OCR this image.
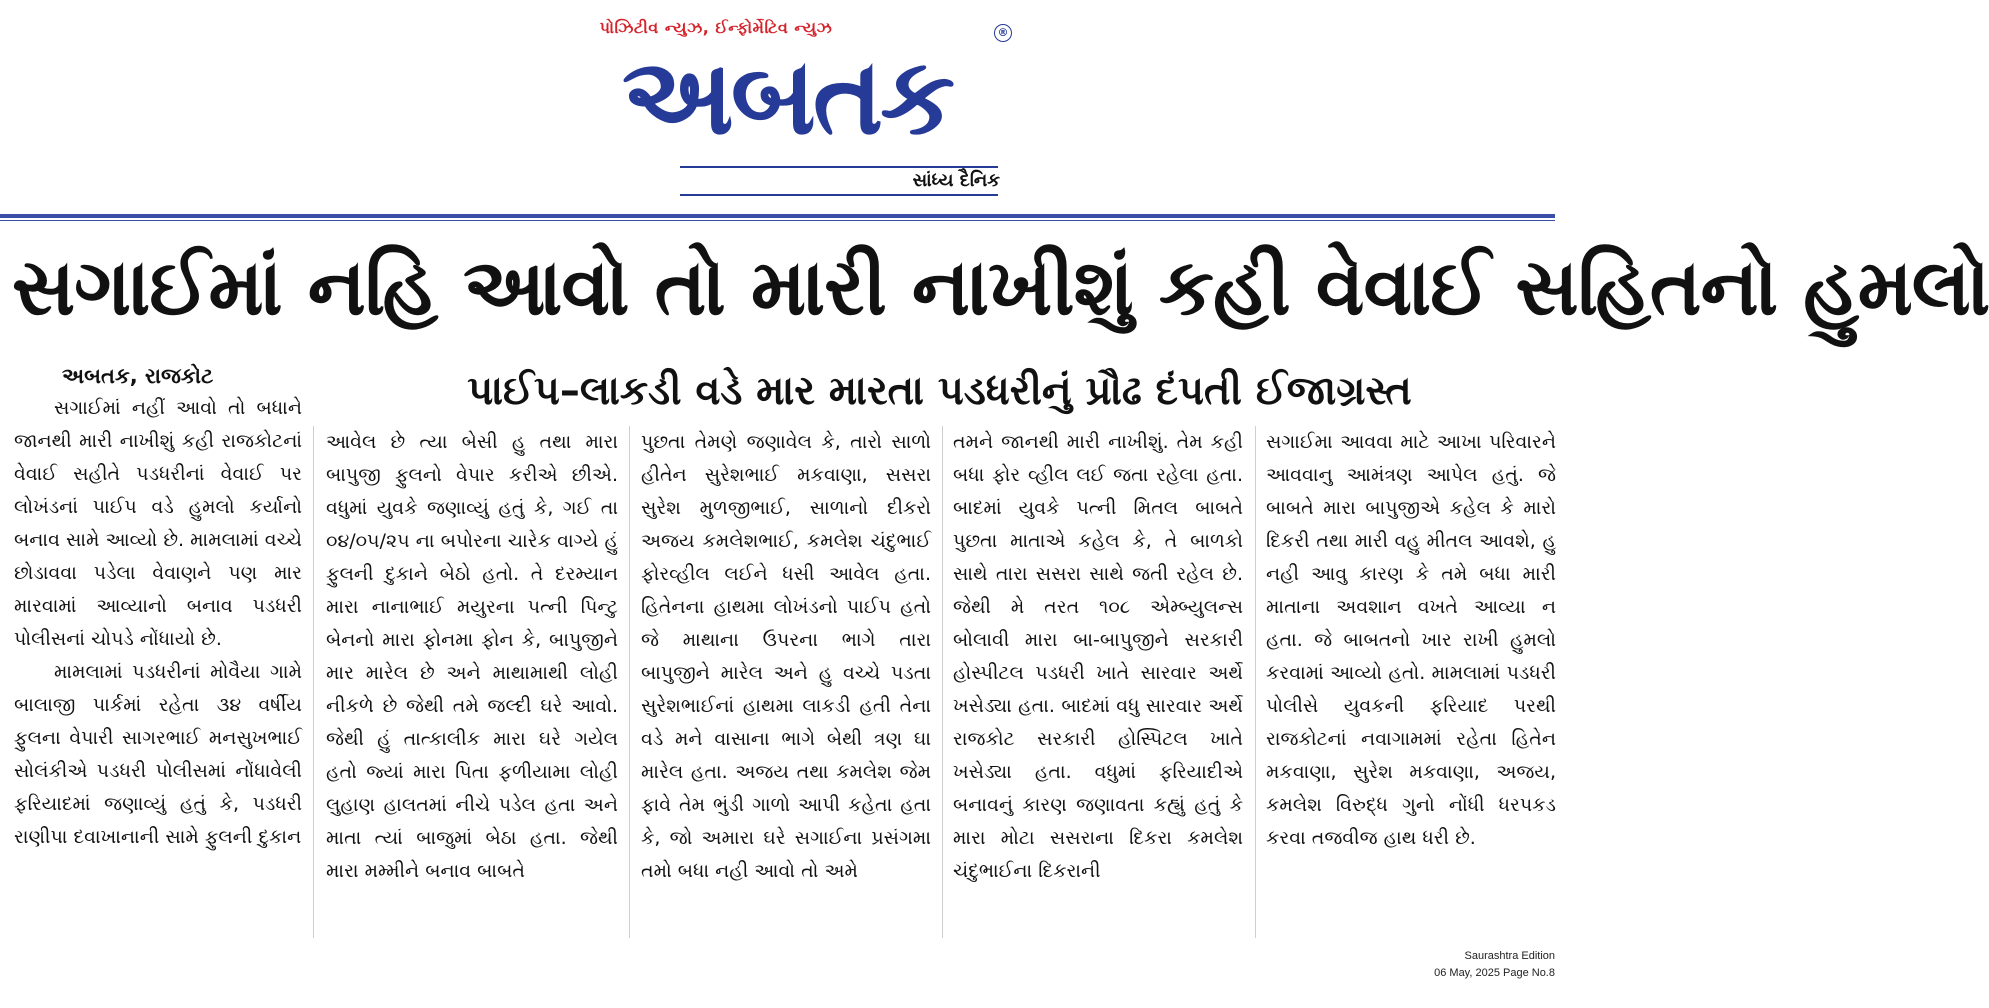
પોઝિટીવ ન્યુઝ, ઈન્ફોર્મેટિવ ન્યુઝ
અબતક
®
સાંધ્ય દૈનિક
સગાઈમાં નહિ આવો તો મારી નાખીશું કહી વેવાઈ સહિતનો હુમલો
અબતક, રાજકોટ	પાઈપ–લાકડી વડે માર મારતા પડધરીનું પ્રૌઢ દંપતી ઈજાગ્રસ્ત

સગાઈમાં નહીં આવો તો બધાને જાનથી મારી નાખીશું કહી રાજકોટનાં વેવાઈ સહીતે પડધરીનાં વેવાઈ પર લોખંડનાં પાઈપ વડે હુમલો કર્યાનો બનાવ સામે આવ્યો છે. મામલામાં વચ્ચે છોડાવવા પડેલા વેવાણને પણ માર મારવામાં આવ્યાનો બનાવ પડધરી પોલીસનાં ચોપડે નોંધાયો છે.

મામલામાં પડધરીનાં મોવૈયા ગામે બાલાજી પાર્કમાં રહેતા ૩૪ વર્ષીય ફુલના વેપારી સાગરભાઈ મનસુખભાઈ સોલંકીએ પડધરી પોલીસમાં નોંધાવેલી ફરિયાદમાં જણાવ્યું હતું કે, પડધરી રાણીપા દવાખાનાની સામે ફુલની દુકાન

આવેલ છે ત્યા બેસી હુ તથા મારા બાપુજી ફુલનો વેપાર કરીએ છીએ. વધુમાં યુવકે જણાવ્યું હતું કે, ગઈ તા ૦૪/૦૫/૨૫ ના બપોરના ચારેક વાગ્યે હું ફુલની દુકાને બેઠો હતો. તે દરમ્યાન મારા નાનાભાઈ મયુરના પત્ની પિન્ટુ બેનનો મારા ફોનમા ફોન કે, બાપુજીને માર મારેલ છે અને માથામાથી લોહી નીકળે છે જેથી તમે જલ્દી ઘરે આવો. જેથી હું તાત્કાલીક મારા ઘરે ગયેલ હતો જ્યાં મારા પિતા ફળીયામા લોહી લુહાણ હાલતમાં નીચે પડેલ હતા અને માતા ત્યાં બાજુમાં બેઠા હતા. જેથી મારા મમ્મીને બનાવ બાબતે

પુછતા તેમણે જણાવેલ કે, તારો સાળો હીતેન સુરેશભાઈ મકવાણા, સસરા સુરેશ મુળજીભાઈ, સાળાનો દીકરો અજય કમલેશભાઈ, કમલેશ ચંદુભાઈ ફોરવ્હીલ લઈને ધસી આવેલ હતા. હિતેનના હાથમા લોખંડનો પાઈપ હતો જે માથાના ઉપરના ભાગે તારા બાપુજીને મારેલ અને હુ વચ્ચે પડતા સુરેશભાઈનાં હાથમા લાકડી હતી તેના વડે મને વાસાના ભાગે બેથી ત્રણ ઘા મારેલ હતા. અજય તથા કમલેશ જેમ ફાવે તેમ ભુંડી ગાળો આપી કહેતા હતા કે, જો અમારા ઘરે સગાઈના પ્રસંગમા તમો બધા નહી આવો તો અમે

તમને જાનથી મારી નાખીશું. તેમ કહી બધા ફોર વ્હીલ લઈ જતા રહેલા હતા. બાદમાં યુવકે પત્ની મિતલ બાબતે પુછતા માતાએ કહેલ કે, તે બાળકો સાથે તારા સસરા સાથે જતી રહેલ છે. જેથી મે તરત ૧૦૮ એમ્બ્યુલન્સ બોલાવી મારા બા-બાપુજીને સરકારી હોસ્પીટલ પડધરી ખાતે સારવાર અર્થે ખસેડ્યા હતા. બાદમાં વધુ સારવાર અર્થે રાજકોટ સરકારી હોસ્પિટલ ખાતે ખસેડ્યા હતા. વધુમાં ફરિયાદીએ બનાવનું કારણ જણાવતા કહ્યું હતું કે મારા મોટા સસરાના દિકરા કમલેશ ચંદુભાઈના દિકરાની

સગાઈમા આવવા માટે આખા પરિવારને આવવાનુ આમંત્રણ આપેલ હતું. જે બાબતે મારા બાપુજીએ કહેલ કે મારો દિકરી તથા મારી વહુ મીતલ આવશે, હુ નહી આવુ કારણ કે તમે બધા મારી માતાના અવશાન વખતે આવ્યા ન હતા. જે બાબતનો ખાર રાખી હુમલો કરવામાં આવ્યો હતો. મામલામાં પડધરી પોલીસે યુવકની ફરિયાદ પરથી રાજકોટનાં નવાગામમાં રહેતા હિતેન મકવાણા, સુરેશ મકવાણા, અજય, કમલેશ વિરુદ્ધ ગુનો નોંધી ધરપકડ કરવા તજવીજ હાથ ધરી છે.

Saurashtra Edition
06 May, 2025 Page No.8
